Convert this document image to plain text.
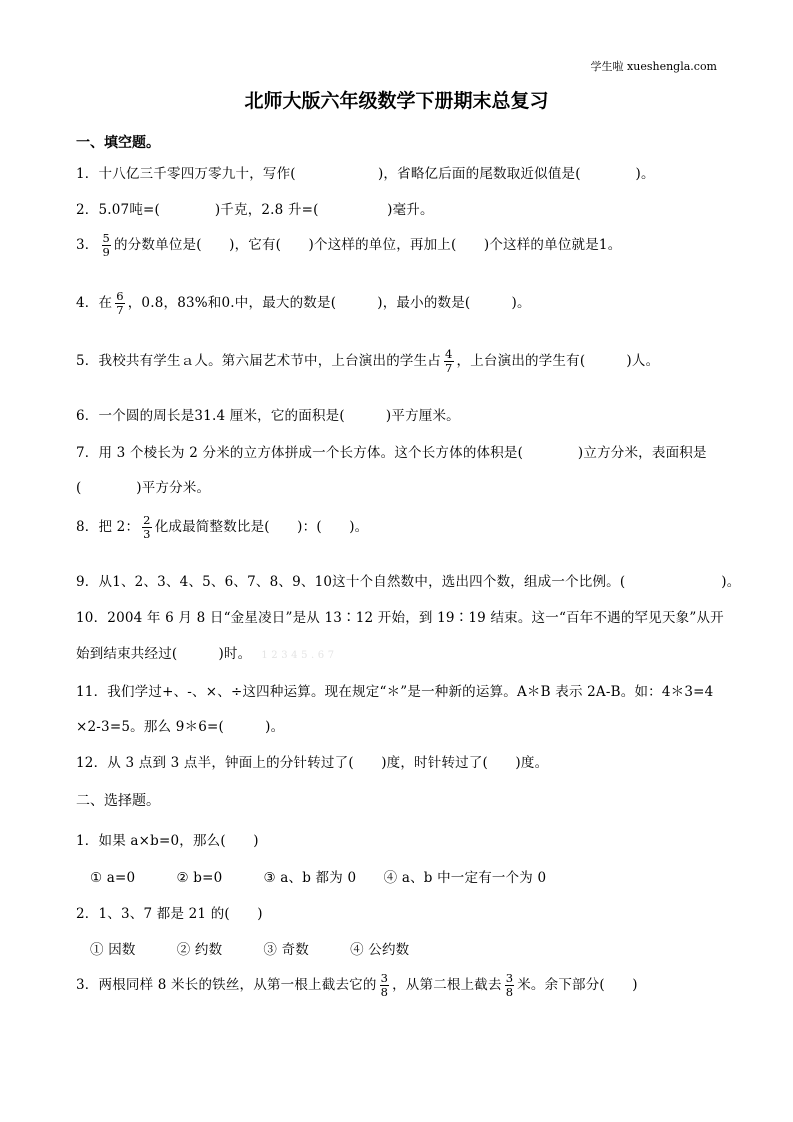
学生啦 xueshengla.com
北师大版六年级数学下册期末总复习
一、填空题。
1．十八亿三千零四万零九十，写作(　　　　　　)，省略亿后面的尾数取近似值是(　　　　)。
2．5.07吨=(　　　　)千克，2.8 升=(　　　　　)毫升。
3． $\frac{5}{9}$ 的分数单位是(　　)，它有(　　)个这样的单位，再加上(　　)个这样的单位就是1。
4．在 $\frac{6}{7}$ ，0.8，83%和0.中，最大的数是(　　　)，最小的数是(　　　)。
5．我校共有学生ａ人。第六届艺术节中，上台演出的学生占 $\frac{4}{7}$ ，上台演出的学生有(　　　)人。
6．一个圆的周长是31.4 厘米，它的面积是(　　　)平方厘米。
7．用 3 个棱长为 2 分米的立方体拼成一个长方体。这个长方体的体积是(　　　　)立方分米，表面积是
(　　　　)平方分米。
8．把 2： $\frac{2}{3}$ 化成最简整数比是(　　)：(　　)。
9．从1、2、3、4、5、6、7、8、9、10这十个自然数中，选出四个数，组成一个比例。(　　　　　　　)。
10．2004 年 6 月 8 日“金星凌日”是从 13∶12 开始，到 19∶19 结束。这一“百年不遇的罕见天象”从开
始到结束共经过(　　　)时。 1 2 3 4 5 . 6 7
11．我们学过+、-、×、÷这四种运算。现在规定“＊”是一种新的运算。A＊B 表示 2A-B。如：4＊3=4
×2-3=5。那么 9＊6=(　　　)。
12．从 3 点到 3 点半，钟面上的分针转过了(　　)度，时针转过了(　　)度。
二、选择题。
1．如果 a×b=0，那么(　　)
① a=0　　　② b=0　　　③ a、b 都为 0　　④ a、b 中一定有一个为 0
2．1、3、7 都是 21 的(　　)
① 因数　　　② 约数　　　③ 奇数　　　④ 公约数
3．两根同样 8 米长的铁丝，从第一根上截去它的 $\frac{3}{8}$ ，从第二根上截去 $\frac{3}{8}$ 米。余下部分(　　)
